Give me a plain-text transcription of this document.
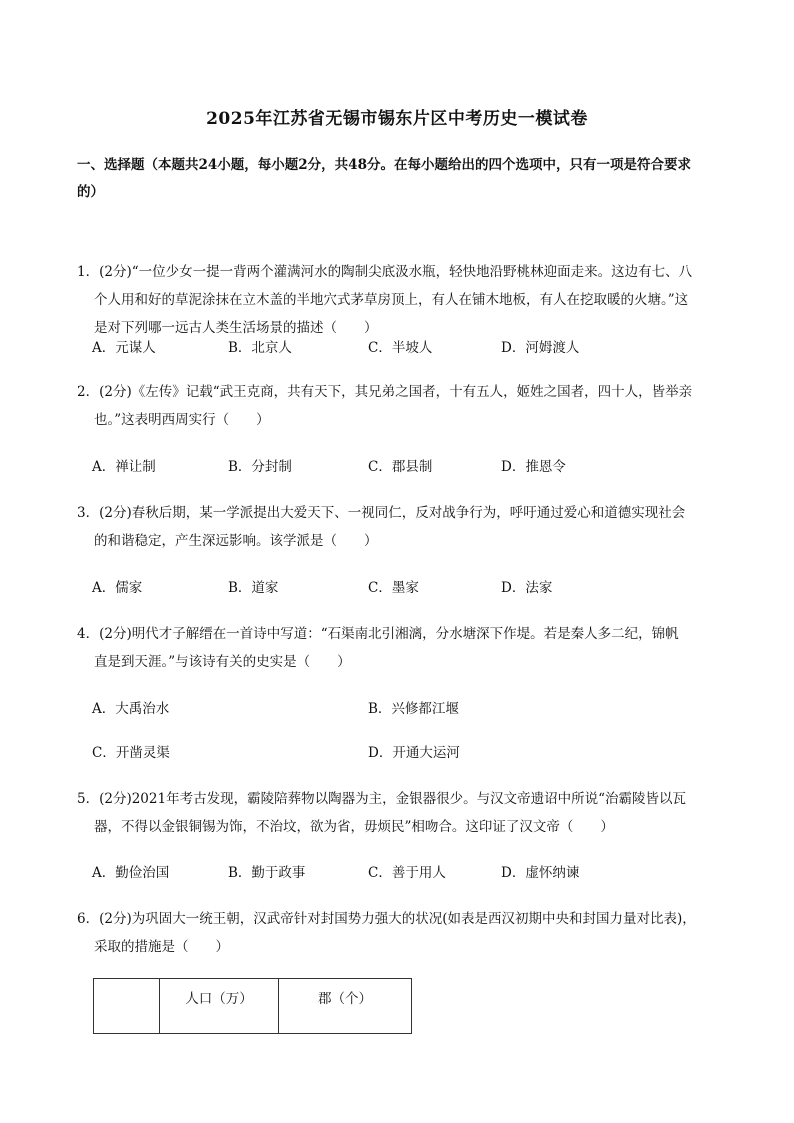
2025年江苏省无锡市锡东片区中考历史一模试卷
一、选择题（本题共24小题，每小题2分，共48分。在每小题给出的四个选项中，只有一项是符合要求
的）
1．(2分)“一位少女一提一背两个灌满河水的陶制尖底汲水瓶，轻快地沿野桃林迎面走来。这边有七、八
个人用和好的草泥涂抹在立木盖的半地穴式茅草房顶上，有人在铺木地板，有人在挖取暖的火塘。”这
是对下列哪一远古人类生活场景的描述（　　）
A．元谋人	B．北京人	C．半坡人	D．河姆渡人
2．(2分)《左传》记载“武王克商，共有天下，其兄弟之国者，十有五人，姬姓之国者，四十人，皆举亲
也。”这表明西周实行（　　）
A．禅让制	B．分封制	C．郡县制	D．推恩令
3．(2分)春秋后期，某一学派提出大爱天下、一视同仁，反对战争行为，呼吁通过爱心和道德实现社会
的和谐稳定，产生深远影响。该学派是（　　）
A．儒家	B．道家	C．墨家	D．法家
4．(2分)明代才子解缙在一首诗中写道：“石渠南北引湘漓，分水塘深下作堤。若是秦人多二纪，锦帆
直是到天涯。”与该诗有关的史实是（　　）
A．大禹治水	B．兴修都江堰
C．开凿灵渠	D．开通大运河
5．(2分)2021年考古发现，霸陵陪葬物以陶器为主，金银器很少。与汉文帝遗诏中所说“治霸陵皆以瓦
器，不得以金银铜锡为饰，不治坟，欲为省，毋烦民”相吻合。这印证了汉文帝（　　）
A．勤俭治国	B．勤于政事	C．善于用人	D．虚怀纳谏
6．(2分)为巩固大一统王朝，汉武帝针对封国势力强大的状况(如表是西汉初期中央和封国力量对比表)，
采取的措施是（　　）
	人口（万）	郡（个）
